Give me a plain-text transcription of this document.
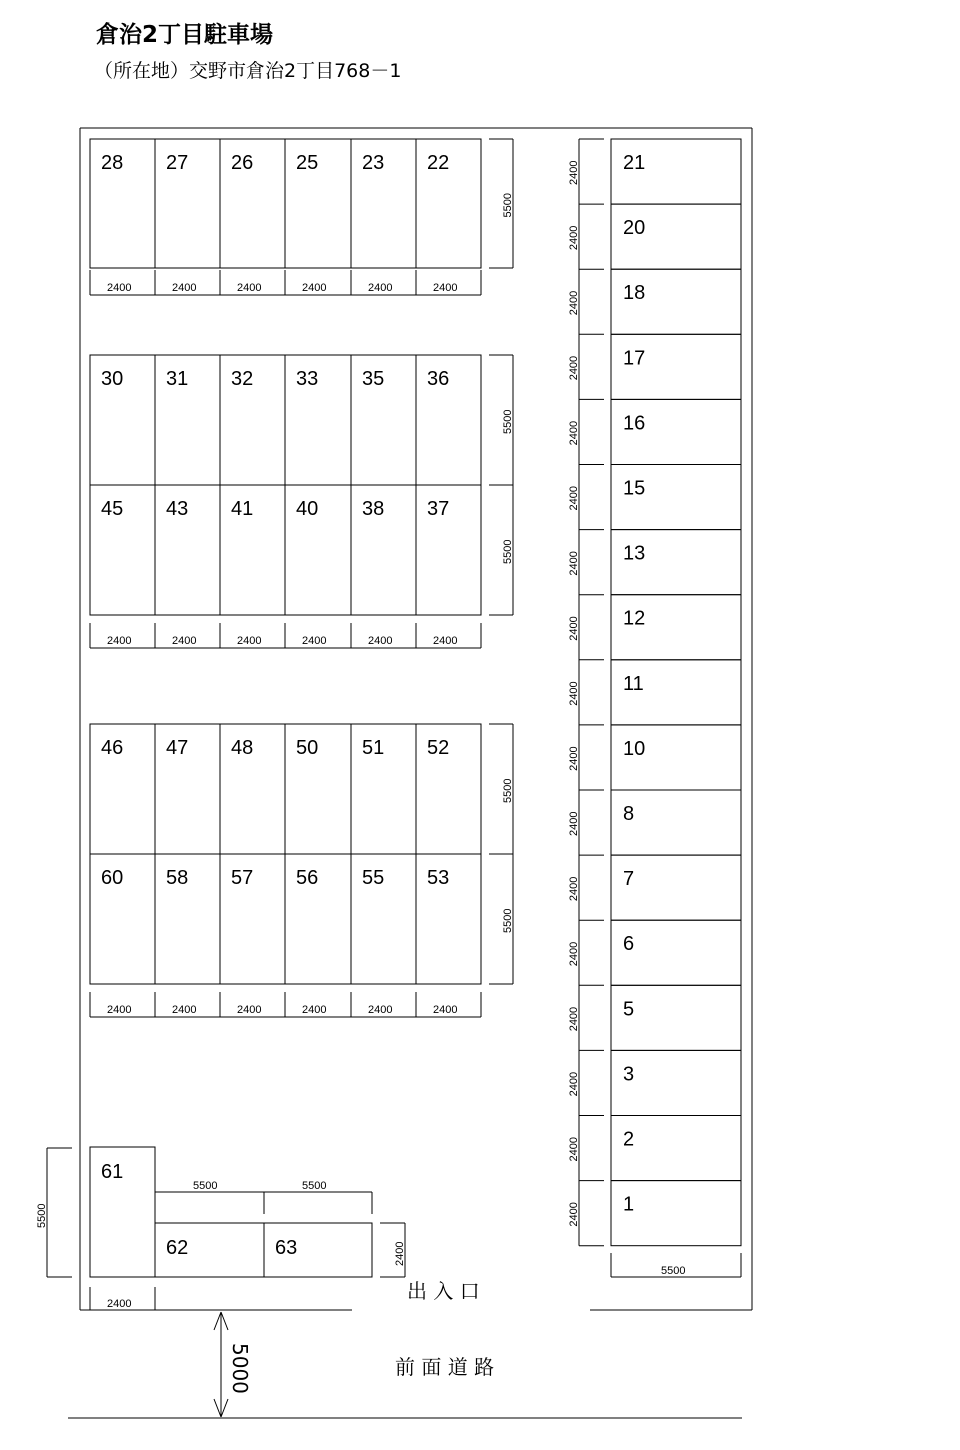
倉治2丁目駐車場
（所在地）交野市倉治2丁目768－1
28 27 26 25 23 22
30 31 32 33 35 36
45 43 41 40 38 37
46 47 48 50 51 52
60 58 57 56 55 53
21
20
18
17
16
15
13
12
11
10
8
7
6
5
3
2
1
61
62	63
5500
5500
5500
5500
5500
2400	2400	2400	2400	2400	2400
2400	2400	2400	2400	2400	2400
2400	2400	2400	2400	2400	2400
2400
2400
2400
2400
2400
2400
2400
2400
2400
2400
2400
2400
2400
2400
2400
2400
2400
5500
5500	5500
5500
2400
2400
出 入 口
前 面 道 路
5000
